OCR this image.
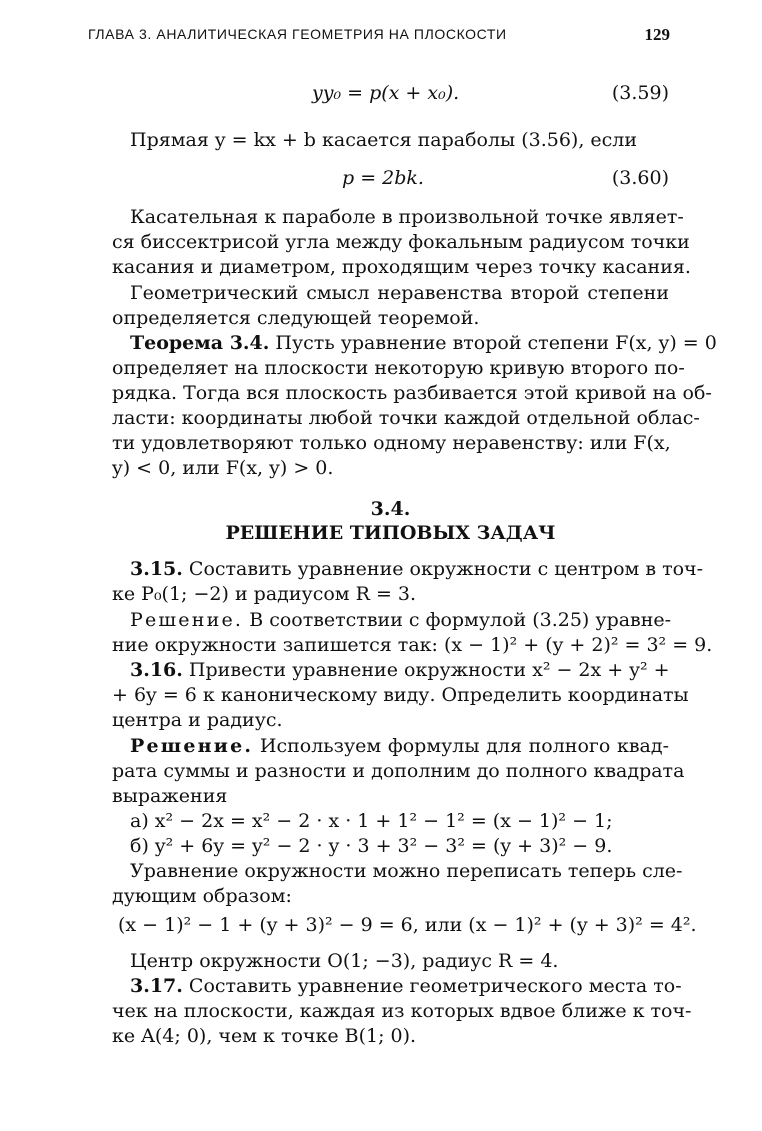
ГЛАВА 3. АНАЛИТИЧЕСКАЯ ГЕОМЕТРИЯ НА ПЛОСКОСТИ	129
yy₀ = p(x + x₀).	(3.59)
Прямая y = kx + b касается параболы (3.56), если
p = 2bk.	(3.60)
Касательная к параболе в произвольной точке являет-
ся биссектрисой угла между фокальным радиусом точки
касания и диаметром, проходящим через точку касания.
Геометрический смысл неравенства второй степени
определяется следующей теоремой.
Теорема 3.4. Пусть уравнение второй степени F(x, y) = 0
определяет на плоскости некоторую кривую второго по-
рядка. Тогда вся плоскость разбивается этой кривой на об-
ласти: координаты любой точки каждой отдельной облас-
ти удовлетворяют только одному неравенству: или F(x,
y) < 0, или F(x, y) > 0.
3.4.
РЕШЕНИЕ ТИПОВЫХ ЗАДАЧ
3.15. Составить уравнение окружности с центром в точ-
ке P₀(1; −2) и радиусом R = 3.
Решение. В соответствии с формулой (3.25) уравне-
ние окружности запишется так: (x − 1)² + (y + 2)² = 3² = 9.
3.16. Привести уравнение окружности x² − 2x + y² +
+ 6y = 6 к каноническому виду. Определить координаты
центра и радиус.
Решение. Используем формулы для полного квад-
рата суммы и разности и дополним до полного квадрата
выражения
а) x² − 2x = x² − 2 · x · 1 + 1² − 1² = (x − 1)² − 1;
б) y² + 6y = y² − 2 · y · 3 + 3² − 3² = (y + 3)² − 9.
Уравнение окружности можно переписать теперь сле-
дующим образом:
(x − 1)² − 1 + (y + 3)² − 9 = 6, или (x − 1)² + (y + 3)² = 4².
Центр окружности O(1; −3), радиус R = 4.
3.17. Составить уравнение геометрического места то-
чек на плоскости, каждая из которых вдвое ближе к точ-
ке A(4; 0), чем к точке B(1; 0).
